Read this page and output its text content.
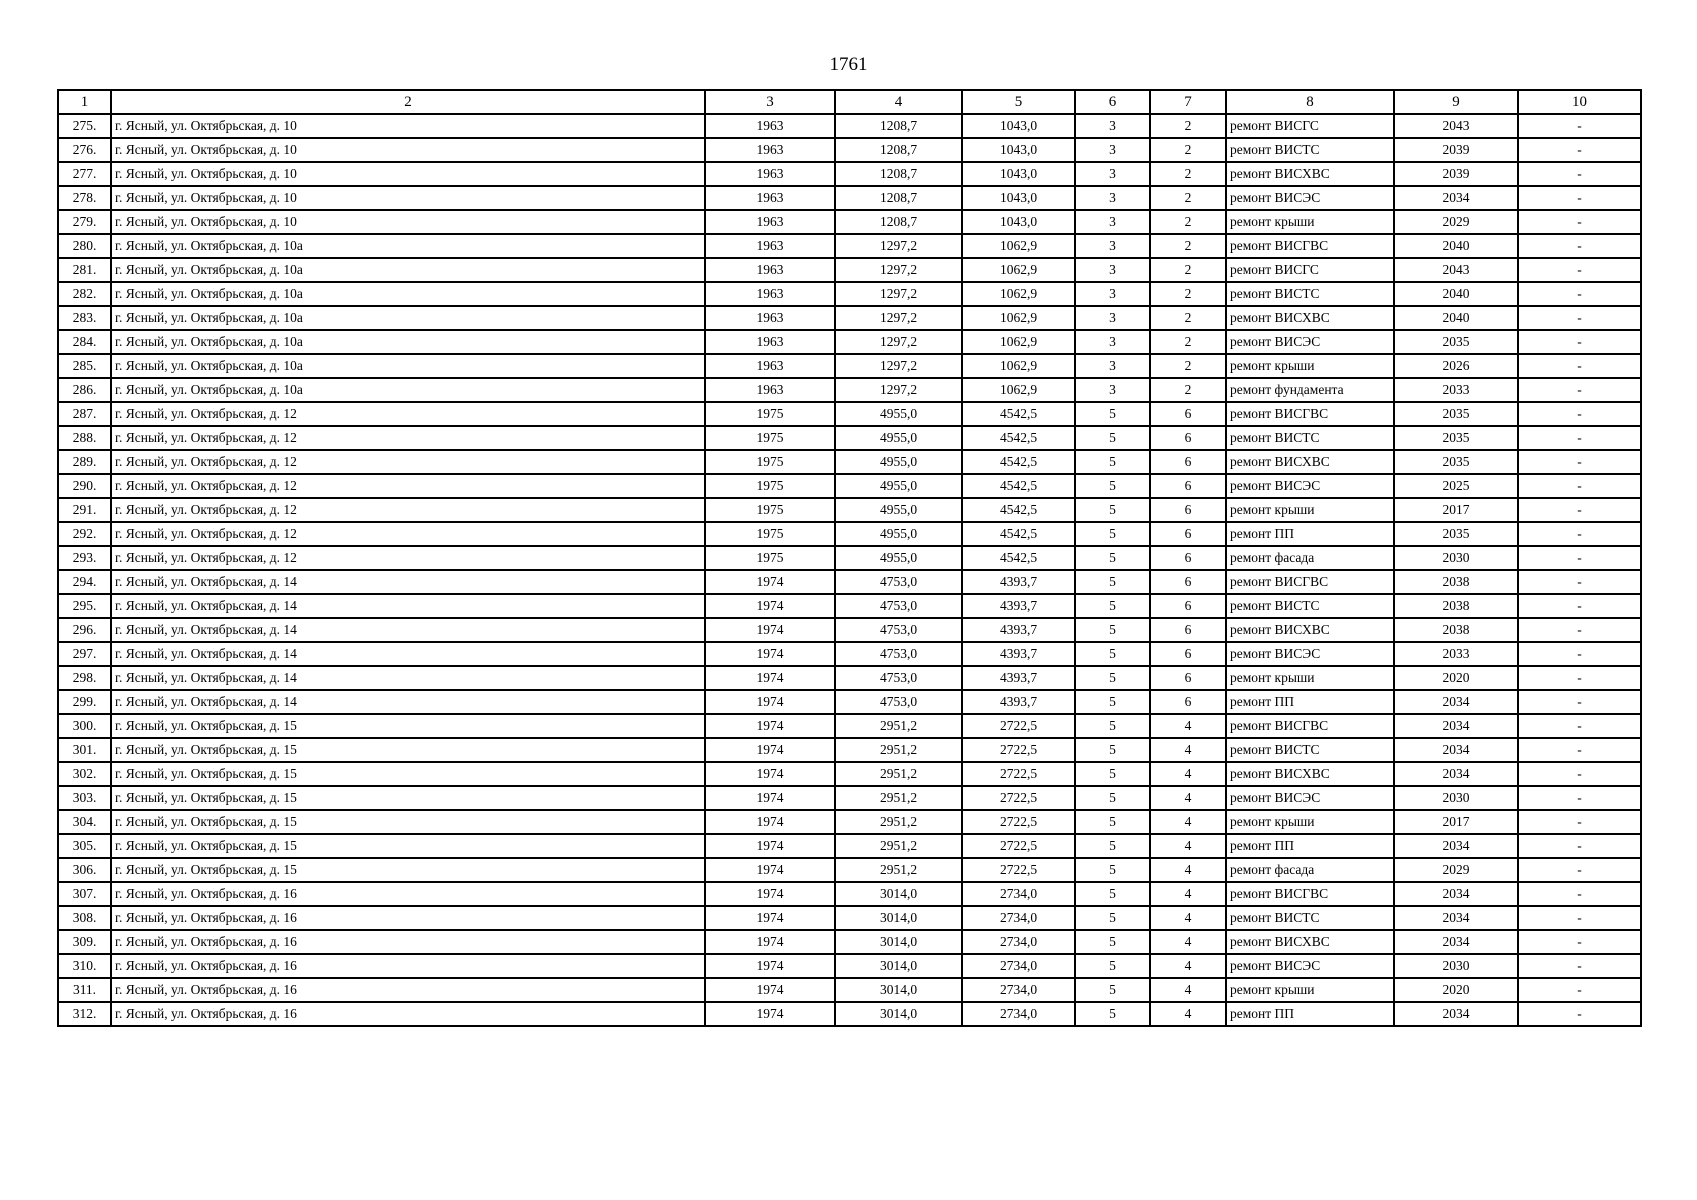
1761
1	2	3	4	5	6	7	8	9	10
275.	г. Ясный, ул. Октябрьская, д. 10	1963	1208,7	1043,0	3	2	ремонт ВИСГС	2043	-
276.	г. Ясный, ул. Октябрьская, д. 10	1963	1208,7	1043,0	3	2	ремонт ВИСТС	2039	-
277.	г. Ясный, ул. Октябрьская, д. 10	1963	1208,7	1043,0	3	2	ремонт ВИСХВС	2039	-
278.	г. Ясный, ул. Октябрьская, д. 10	1963	1208,7	1043,0	3	2	ремонт ВИСЭС	2034	-
279.	г. Ясный, ул. Октябрьская, д. 10	1963	1208,7	1043,0	3	2	ремонт крыши	2029	-
280.	г. Ясный, ул. Октябрьская, д. 10а	1963	1297,2	1062,9	3	2	ремонт ВИСГВС	2040	-
281.	г. Ясный, ул. Октябрьская, д. 10а	1963	1297,2	1062,9	3	2	ремонт ВИСГС	2043	-
282.	г. Ясный, ул. Октябрьская, д. 10а	1963	1297,2	1062,9	3	2	ремонт ВИСТС	2040	-
283.	г. Ясный, ул. Октябрьская, д. 10а	1963	1297,2	1062,9	3	2	ремонт ВИСХВС	2040	-
284.	г. Ясный, ул. Октябрьская, д. 10а	1963	1297,2	1062,9	3	2	ремонт ВИСЭС	2035	-
285.	г. Ясный, ул. Октябрьская, д. 10а	1963	1297,2	1062,9	3	2	ремонт крыши	2026	-
286.	г. Ясный, ул. Октябрьская, д. 10а	1963	1297,2	1062,9	3	2	ремонт фундамента	2033	-
287.	г. Ясный, ул. Октябрьская, д. 12	1975	4955,0	4542,5	5	6	ремонт ВИСГВС	2035	-
288.	г. Ясный, ул. Октябрьская, д. 12	1975	4955,0	4542,5	5	6	ремонт ВИСТС	2035	-
289.	г. Ясный, ул. Октябрьская, д. 12	1975	4955,0	4542,5	5	6	ремонт ВИСХВС	2035	-
290.	г. Ясный, ул. Октябрьская, д. 12	1975	4955,0	4542,5	5	6	ремонт ВИСЭС	2025	-
291.	г. Ясный, ул. Октябрьская, д. 12	1975	4955,0	4542,5	5	6	ремонт крыши	2017	-
292.	г. Ясный, ул. Октябрьская, д. 12	1975	4955,0	4542,5	5	6	ремонт ПП	2035	-
293.	г. Ясный, ул. Октябрьская, д. 12	1975	4955,0	4542,5	5	6	ремонт фасада	2030	-
294.	г. Ясный, ул. Октябрьская, д. 14	1974	4753,0	4393,7	5	6	ремонт ВИСГВС	2038	-
295.	г. Ясный, ул. Октябрьская, д. 14	1974	4753,0	4393,7	5	6	ремонт ВИСТС	2038	-
296.	г. Ясный, ул. Октябрьская, д. 14	1974	4753,0	4393,7	5	6	ремонт ВИСХВС	2038	-
297.	г. Ясный, ул. Октябрьская, д. 14	1974	4753,0	4393,7	5	6	ремонт ВИСЭС	2033	-
298.	г. Ясный, ул. Октябрьская, д. 14	1974	4753,0	4393,7	5	6	ремонт крыши	2020	-
299.	г. Ясный, ул. Октябрьская, д. 14	1974	4753,0	4393,7	5	6	ремонт ПП	2034	-
300.	г. Ясный, ул. Октябрьская, д. 15	1974	2951,2	2722,5	5	4	ремонт ВИСГВС	2034	-
301.	г. Ясный, ул. Октябрьская, д. 15	1974	2951,2	2722,5	5	4	ремонт ВИСТС	2034	-
302.	г. Ясный, ул. Октябрьская, д. 15	1974	2951,2	2722,5	5	4	ремонт ВИСХВС	2034	-
303.	г. Ясный, ул. Октябрьская, д. 15	1974	2951,2	2722,5	5	4	ремонт ВИСЭС	2030	-
304.	г. Ясный, ул. Октябрьская, д. 15	1974	2951,2	2722,5	5	4	ремонт крыши	2017	-
305.	г. Ясный, ул. Октябрьская, д. 15	1974	2951,2	2722,5	5	4	ремонт ПП	2034	-
306.	г. Ясный, ул. Октябрьская, д. 15	1974	2951,2	2722,5	5	4	ремонт фасада	2029	-
307.	г. Ясный, ул. Октябрьская, д. 16	1974	3014,0	2734,0	5	4	ремонт ВИСГВС	2034	-
308.	г. Ясный, ул. Октябрьская, д. 16	1974	3014,0	2734,0	5	4	ремонт ВИСТС	2034	-
309.	г. Ясный, ул. Октябрьская, д. 16	1974	3014,0	2734,0	5	4	ремонт ВИСХВС	2034	-
310.	г. Ясный, ул. Октябрьская, д. 16	1974	3014,0	2734,0	5	4	ремонт ВИСЭС	2030	-
311.	г. Ясный, ул. Октябрьская, д. 16	1974	3014,0	2734,0	5	4	ремонт крыши	2020	-
312.	г. Ясный, ул. Октябрьская, д. 16	1974	3014,0	2734,0	5	4	ремонт ПП	2034	-
